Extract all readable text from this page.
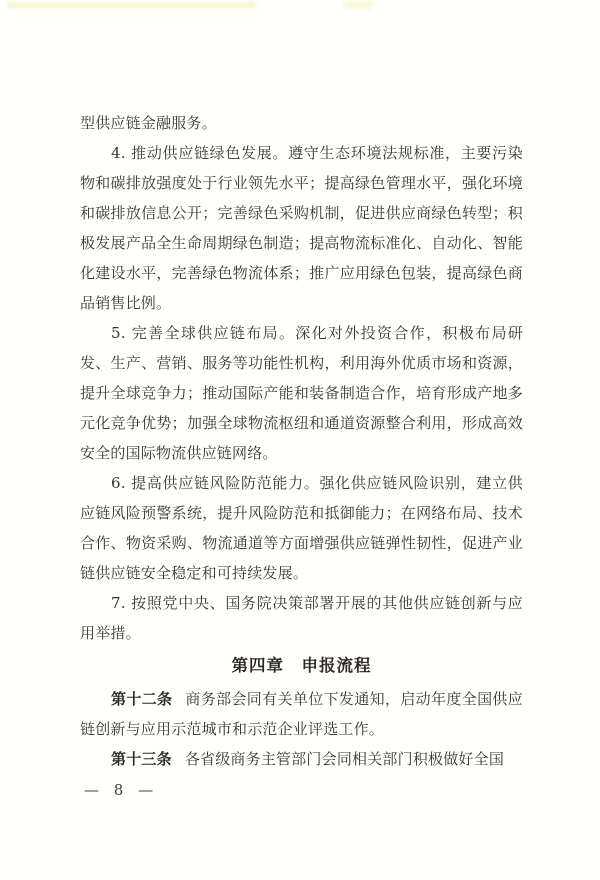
型供应链金融服务。

4. 推动供应链绿色发展。遵守生态环境法规标准，主要污染物和碳排放强度处于行业领先水平；提高绿色管理水平，强化环境和碳排放信息公开；完善绿色采购机制，促进供应商绿色转型；积极发展产品全生命周期绿色制造；提高物流标准化、自动化、智能化建设水平，完善绿色物流体系；推广应用绿色包装，提高绿色商品销售比例。

5. 完善全球供应链布局。深化对外投资合作，积极布局研发、生产、营销、服务等功能性机构，利用海外优质市场和资源，提升全球竞争力；推动国际产能和装备制造合作，培育形成产地多元化竞争优势；加强全球物流枢纽和通道资源整合利用，形成高效安全的国际物流供应链网络。

6. 提高供应链风险防范能力。强化供应链风险识别，建立供应链风险预警系统，提升风险防范和抵御能力；在网络布局、技术合作、物资采购、物流通道等方面增强供应链弹性韧性，促进产业链供应链安全稳定和可持续发展。

7. 按照党中央、国务院决策部署开展的其他供应链创新与应用举措。

第四章　申报流程

第十二条 商务部会同有关单位下发通知，启动年度全国供应链创新与应用示范城市和示范企业评选工作。

第十三条 各省级商务主管部门会同相关部门积极做好全国

— 8 —
